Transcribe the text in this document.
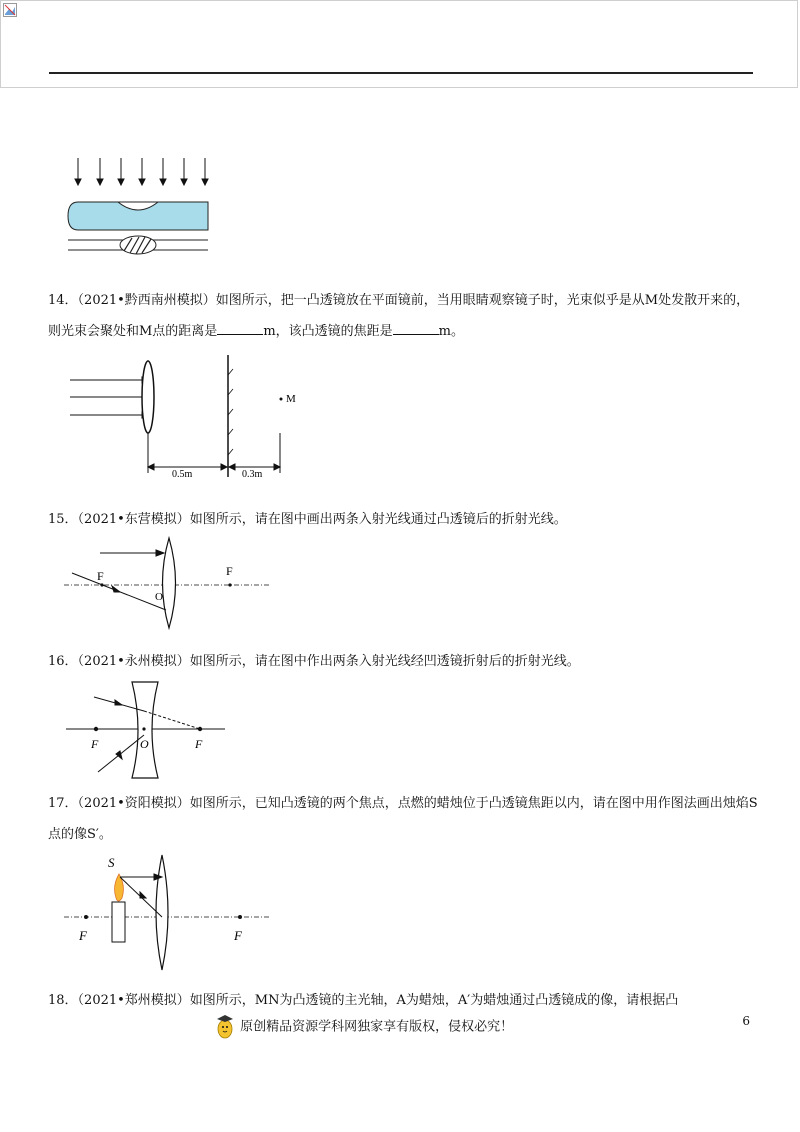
14．（2021•黔西南州模拟）如图所示，把一凸透镜放在平面镜前，当用眼睛观察镜子时，光束似乎是从M处发散开来的，则光束会聚处和M点的距离是	m，该凸透镜的焦距是	m。
M
0.5m	0.3m
15．（2021•东营模拟）如图所示，请在图中画出两条入射光线通过凸透镜后的折射光线。
F	F
O
16．（2021•永州模拟）如图所示，请在图中作出两条入射光线经凹透镜折射后的折射光线。
F	O	F
17．（2021•资阳模拟）如图所示，已知凸透镜的两个焦点，点燃的蜡烛位于凸透镜焦距以内，请在图中用作图法画出烛焰S点的像S′。
S
F	F
18．（2021•郑州模拟）如图所示，MN为凸透镜的主光轴，A为蜡烛，A′为蜡烛通过凸透镜成的像，请根据凸
原创精品资源学科网独家享有版权，侵权必究！	6
